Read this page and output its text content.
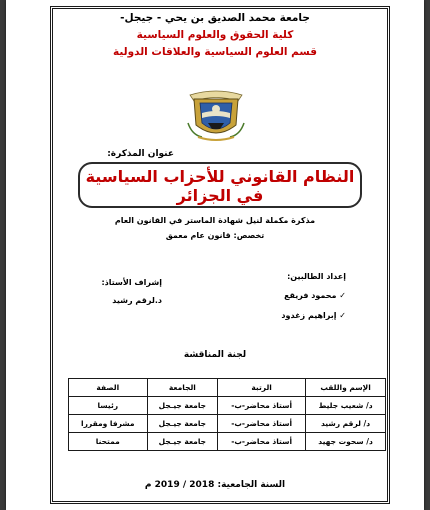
جامعة محمد الصديق بن يحي - جيجل-
كلية الحقوق والعلوم السياسية
قسم العلوم السياسية والعلاقات الدولية
عنوان المذكرة:
النظام القانوني للأحزاب السياسية
في الجزائر
مذكرة مكملة لنيل شهادة الماستر في القانون العام
تخصص: قانون عام معمق
إعداد الطالبين:
✓ محمود فريقع
✓ إبراهيم زغدود
إشراف الأستاذ:
د.لرقم رشيد
لجنة المناقشة
الإسم واللقب	الرتبة	الجامعة	الصفة
د/ شعيب جليط	أستاذ محاضر-ب-	جامعة جيـجل	رئيسا
د/ لرقم رشيد	أستاذ محاضر-ب-	جامعة جيـجل	مشرفا ومقررا
د/ سحوت جهيد	أستاذ محاضر-ب-	جامعة جيـجل	ممتحنا
السنة الجامعية: 2018 / 2019 م
